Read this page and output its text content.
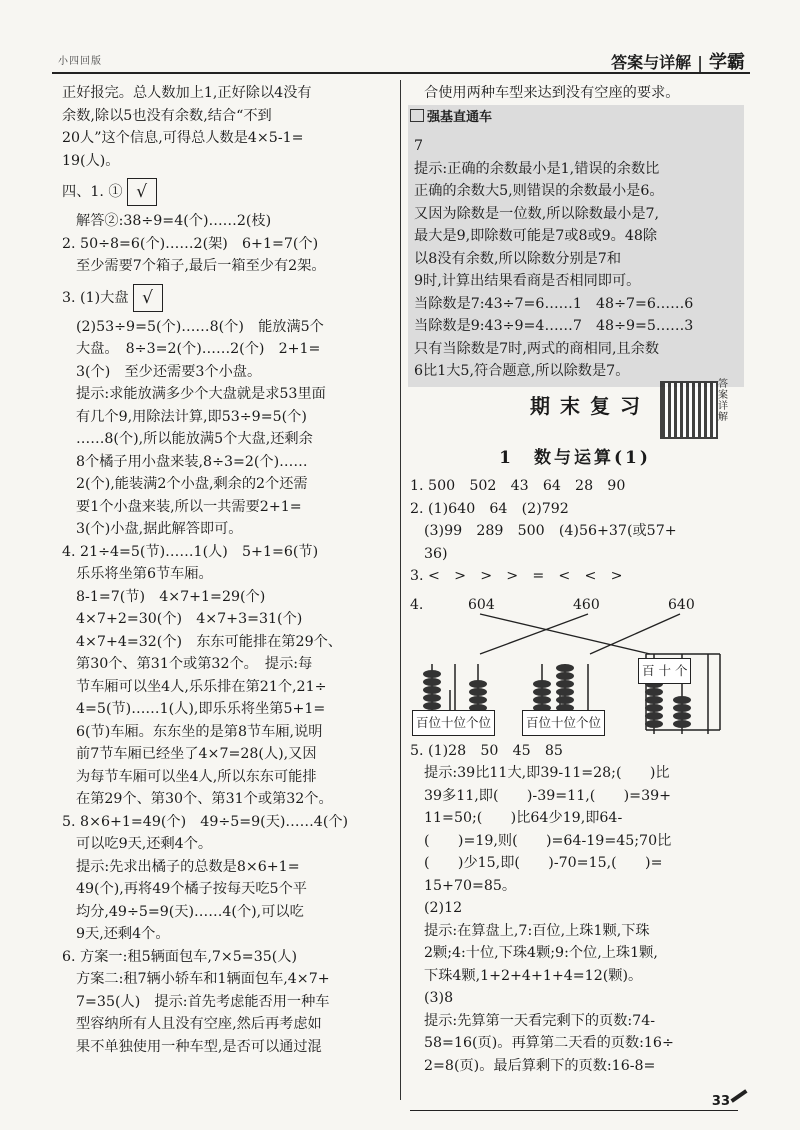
小四回版	答案与详解 | 学霸

正好报完。总人数加上1,正好除以4没有

余数,除以5也没有余数,结合“不到

20人”这个信息,可得总人数是4×5-1=

19(人)。

四、1. ① √

解答②:38÷9=4(个)……2(枝)

2. 50÷8=6(个)……2(架)　6+1=7(个)

至少需要7个箱子,最后一箱至少有2架。

3. (1)大盘 √

(2)53÷9=5(个)……8(个)　能放满5个

大盘。　8÷3=2(个)……2(个)　2+1=

3(个)　至少还需要3个小盘。

提示:求能放满多少个大盘就是求53里面

有几个9,用除法计算,即53÷9=5(个)

……8(个),所以能放满5个大盘,还剩余

8个橘子用小盘来装,8÷3=2(个)……

2(个),能装满2个小盘,剩余的2个还需

要1个小盘来装,所以一共需要2+1=

3(个)小盘,据此解答即可。

4. 21÷4=5(节)……1(人)　5+1=6(节)

乐乐将坐第6节车厢。

8-1=7(节)　4×7+1=29(个)

4×7+2=30(个)　4×7+3=31(个)

4×7+4=32(个)　东东可能排在第29个、

第30个、第31个或第32个。　提示:每

节车厢可以坐4人,乐乐排在第21个,21÷

4=5(节)……1(人),即乐乐将坐第5+1=

6(节)车厢。东东坐的是第8节车厢,说明

前7节车厢已经坐了4×7=28(人),又因

为每节车厢可以坐4人,所以东东可能排

在第29个、第30个、第31个或第32个。

5. 8×6+1=49(个)　49÷5=9(天)……4(个)

可以吃9天,还剩4个。

提示:先求出橘子的总数是8×6+1=

49(个),再将49个橘子按每天吃5个平

均分,49÷5=9(天)……4(个),可以吃

9天,还剩4个。

6. 方案一:租5辆面包车,7×5=35(人)

方案二:租7辆小轿车和1辆面包车,4×7+

7=35(人)　提示:首先考虑能否用一种车

型容纳所有人且没有空座,然后再考虑如

果不单独使用一种车型,是否可以通过混

合使用两种车型来达到没有空座的要求。

强基直通车

7

提示:正确的余数最小是1,错误的余数比

正确的余数大5,则错误的余数最小是6。

又因为除数是一位数,所以除数最小是7,

最大是9,即除数可能是7或8或9。48除

以8没有余数,所以除数分别是7和

9时,计算出结果看商是否相同即可。

当除数是7:43÷7=6……1　48÷7=6……6

当除数是9:43÷9=4……7　48÷9=5……3

只有当除数是7时,两式的商相同,且余数

6比1大5,符合题意,所以除数是7。

期末复习
答案详解
1　数与运算(1)

1. 500　502　43　64　28　90

2. (1)640　64　(2)792

(3)99　289　500　(4)56+37(或57+

36)

3. <　>　>　>　=　<　<　>

4.	604	460	640
百位十位个位	百位十位个位
百 十 个

5. (1)28　50　45　85

提示:39比11大,即39-11=28;(　　)比

39多11,即(　　)-39=11,(　　)=39+

11=50;(　　)比64少19,即64-

(　　)=19,则(　　)=64-19=45;70比

(　　)少15,即(　　)-70=15,(　　)=

15+70=85。

(2)12

提示:在算盘上,7:百位,上珠1颗,下珠

2颗;4:十位,下珠4颗;9:个位,上珠1颗,

下珠4颗,1+2+4+1+4=12(颗)。

(3)8

提示:先算第一天看完剩下的页数:74-

58=16(页)。再算第二天看的页数:16÷

2=8(页)。最后算剩下的页数:16-8=

33
